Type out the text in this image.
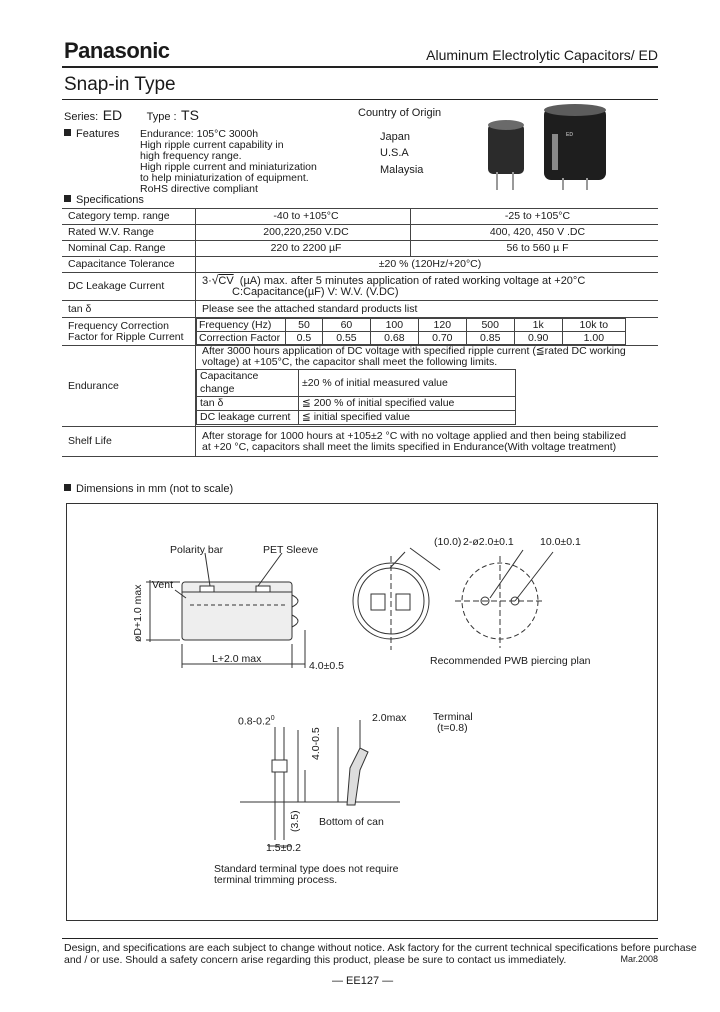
Panasonic	Aluminum Electrolytic Capacitors/ ED
Snap-in Type
Series: ED Type : TS	Country of Origin
Japan
U.S.A
Malaysia
ED
Features Endurance: 105°C 3000h
High ripple current capability in
high frequency range.
High ripple current and miniaturization
to help miniaturization of equipment.
RoHS directive compliant
Specifications
Category temp. range	-40 to +105°C	-25 to +105°C
Rated W.V. Range	200,220,250 V.DC	400, 420, 450 V .DC
Nominal Cap. Range	220 to 2200 µF	56 to 560 µ F
Capacitance Tolerance	±20 % (120Hz/+20°C)
DC Leakage Current	3·√CV (µA) max. after 5 minutes application of rated working voltage at +20°C
C:Capacitance(µF) V: W.V. (V.DC)

tan δ	Please see the attached standard products list

Frequency Correction
Factor for Ripple Current

Frequency (Hz)	50	60	100	120	500	1k	10k to
Correction Factor	0.5	0.55	0.68	0.70	0.85	0.90	1.00

Endurance	
After 3000 hours application of DC voltage with specified ripple current (≦rated DC working
voltage) at +105°C, the capacitor shall meet the following limits.
Capacitance change	±20 % of initial measured value
tan δ	≦ 200 % of initial specified value
DC leakage current	≦ initial specified value

Shelf Life	After storage for 1000 hours at +105±2 °C with no voltage applied and then being stabilized
at +20 °C, capacitors shall meet the limits specified in Endurance(With voltage treatment)
Dimensions in mm (not to scale)
Polarity bar	PET Sleeve
Vent
øD+1.0 max
L+2.0 max
4.0±0.5
(10.0) 2-ø2.0±0.1	10.0±0.1
Recommended PWB piercing plan
$0.8-0.2^0$
4.0-0.5
2.0max	Terminal
(t=0.8)
Bottom of can
(3.5)
1.5±0.2
Standard terminal type does not require
terminal trimming process.
Design, and specifications are each subject to change without notice. Ask factory for the current technical specifications before purchase
and / or use. Should a safety concern arise regarding this product, please be sure to contact us immediately.	Mar.2008
— EE127 —
